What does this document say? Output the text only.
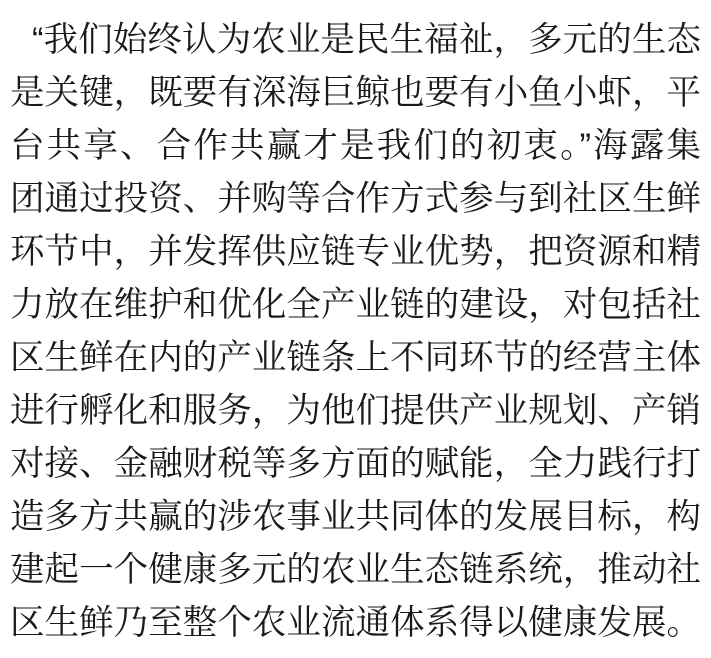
“我们始终认为农业是民生福祉，多元的生态
是关键，既要有深海巨鲸也要有小鱼小虾，平
台共享、合作共赢才是我们的初衷。”海露集
团通过投资、并购等合作方式参与到社区生鲜
环节中，并发挥供应链专业优势，把资源和精
力放在维护和优化全产业链的建设，对包括社
区生鲜在内的产业链条上不同环节的经营主体
进行孵化和服务，为他们提供产业规划、产销
对接、金融财税等多方面的赋能，全力践行打
造多方共赢的涉农事业共同体的发展目标，构
建起一个健康多元的农业生态链系统，推动社
区生鲜乃至整个农业流通体系得以健康发展。
